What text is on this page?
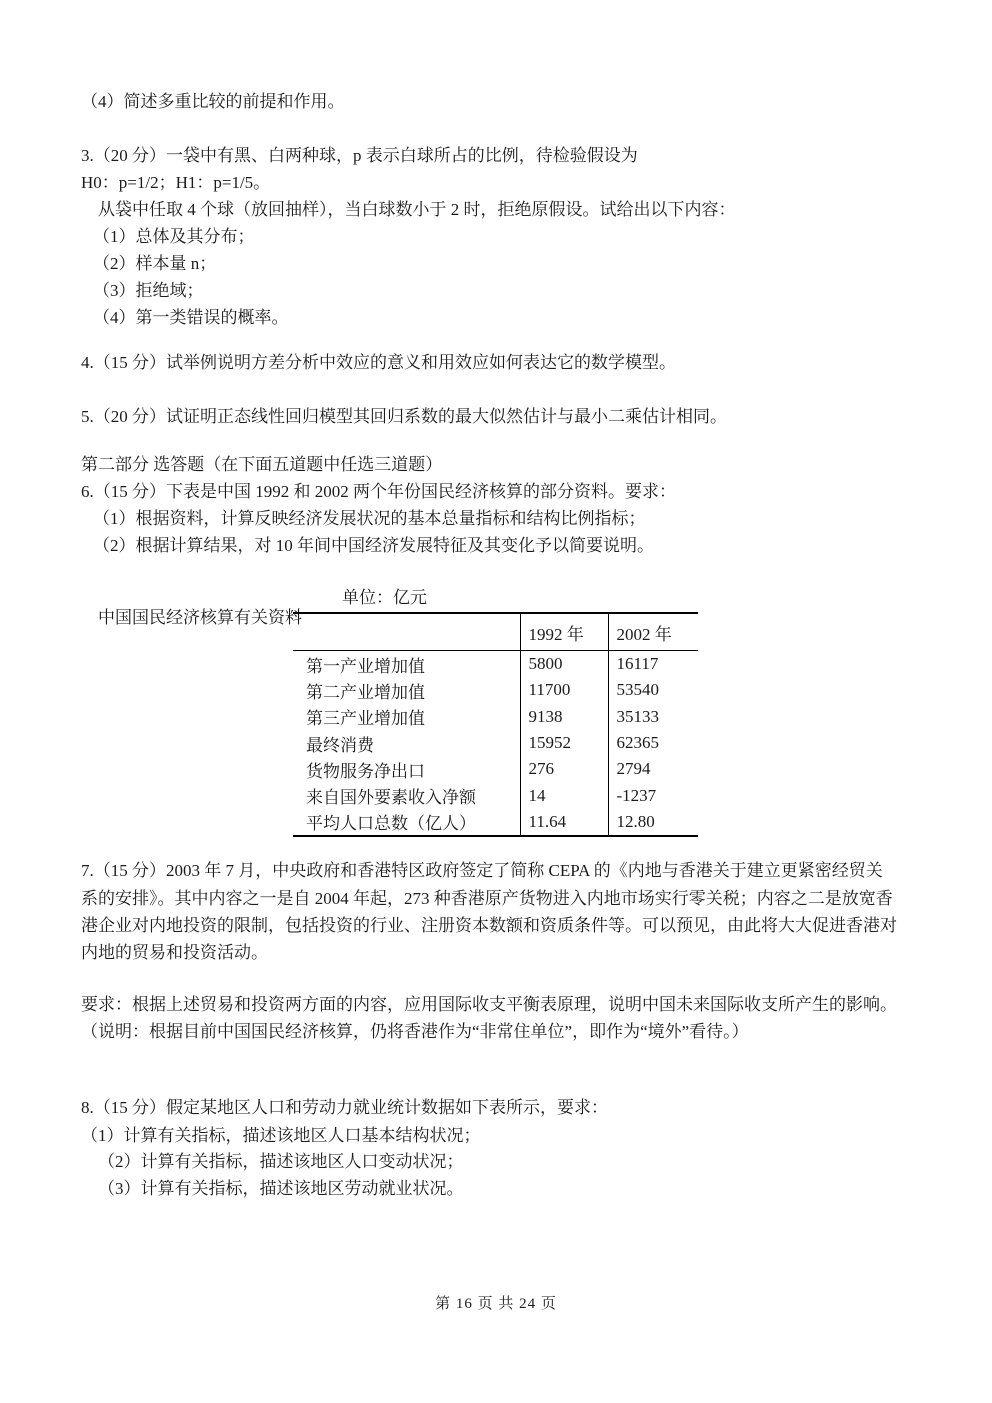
（4）简述多重比较的前提和作用。
3.（20 分）一袋中有黑、白两种球，p 表示白球所占的比例，待检验假设为
H0：p=1/2；H1：p=1/5。
从袋中任取 4 个球（放回抽样），当白球数小于 2 时，拒绝原假设。试给出以下内容：
（1）总体及其分布；
（2）样本量 n；
（3）拒绝域；
（4）第一类错误的概率。
4.（15 分）试举例说明方差分析中效应的意义和用效应如何表达它的数学模型。
5.（20 分）试证明正态线性回归模型其回归系数的最大似然估计与最小二乘估计相同。
第二部分 选答题（在下面五道题中任选三道题）
6.（15 分）下表是中国 1992 和 2002 两个年份国民经济核算的部分资料。要求：
（1）根据资料，计算反映经济发展状况的基本总量指标和结构比例指标；
（2）根据计算结果，对 10 年间中国经济发展特征及其变化予以简要说明。

中国国民经济核算有关资料

单位：亿元

	1992 年	2002 年
第一产业增加值	5800	16117
第二产业增加值	11700	53540
第三产业增加值	9138	35133
最终消费	15952	62365
货物服务净出口	276	2794
来自国外要素收入净额	14	-1237
平均人口总数（亿人）	11.64	12.80
7.（15 分）2003 年 7 月，中央政府和香港特区政府签定了简称 CEPA 的《内地与香港关于建立更紧密经贸关
系的安排》。其中内容之一是自 2004 年起，273 种香港原产货物进入内地市场实行零关税；内容之二是放宽香
港企业对内地投资的限制，包括投资的行业、注册资本数额和资质条件等。可以预见，由此将大大促进香港对
内地的贸易和投资活动。
要求：根据上述贸易和投资两方面的内容，应用国际收支平衡表原理，说明中国未来国际收支所产生的影响。
（说明：根据目前中国国民经济核算，仍将香港作为“非常住单位”，即作为“境外”看待。）
8.（15 分）假定某地区人口和劳动力就业统计数据如下表所示，要求：
（1）计算有关指标，描述该地区人口基本结构状况；
（2）计算有关指标，描述该地区人口变动状况；
（3）计算有关指标，描述该地区劳动就业状况。
第 16 页 共 24 页
